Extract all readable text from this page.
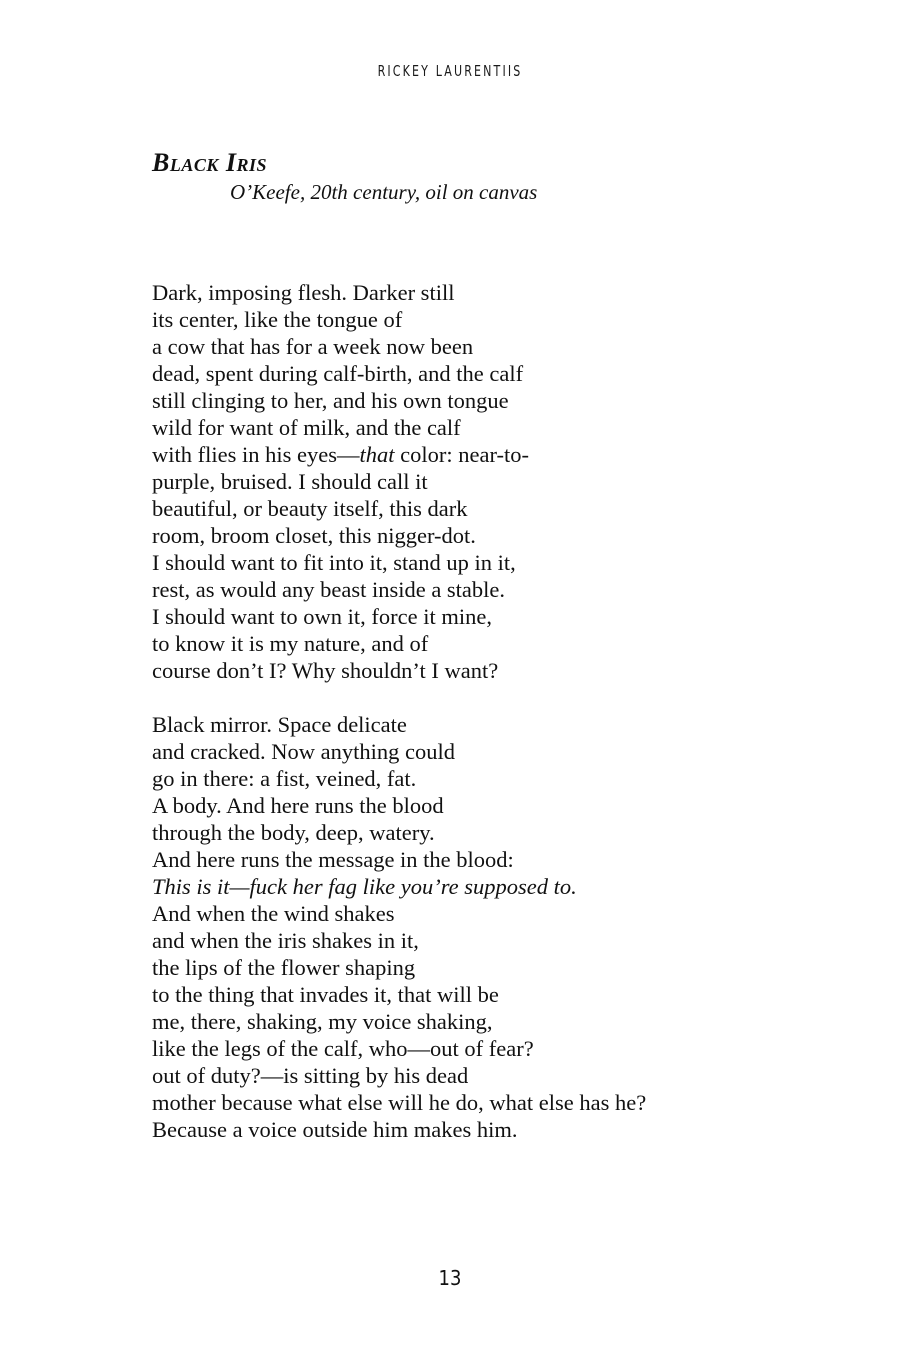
RICKEY LAURENTIIS
Black Iris
O’Keefe, 20th century, oil on canvas
Dark, imposing flesh. Darker still
its center, like the tongue of
a cow that has for a week now been
dead, spent during calf-birth, and the calf
still clinging to her, and his own tongue
wild for want of milk, and the calf
with flies in his eyes—that color: near-to-
purple, bruised. I should call it
beautiful, or beauty itself, this dark
room, broom closet, this nigger-dot.
I should want to fit into it, stand up in it,
rest, as would any beast inside a stable.
I should want to own it, force it mine,
to know it is my nature, and of
course don’t I? Why shouldn’t I want?
Black mirror. Space delicate
and cracked. Now anything could
go in there: a fist, veined, fat.
A body. And here runs the blood
through the body, deep, watery.
And here runs the message in the blood:
This is it—fuck her fag like you’re supposed to.
And when the wind shakes
and when the iris shakes in it,
the lips of the flower shaping
to the thing that invades it, that will be
me, there, shaking, my voice shaking,
like the legs of the calf, who—out of fear?
out of duty?—is sitting by his dead
mother because what else will he do, what else has he?
Because a voice outside him makes him.
13
